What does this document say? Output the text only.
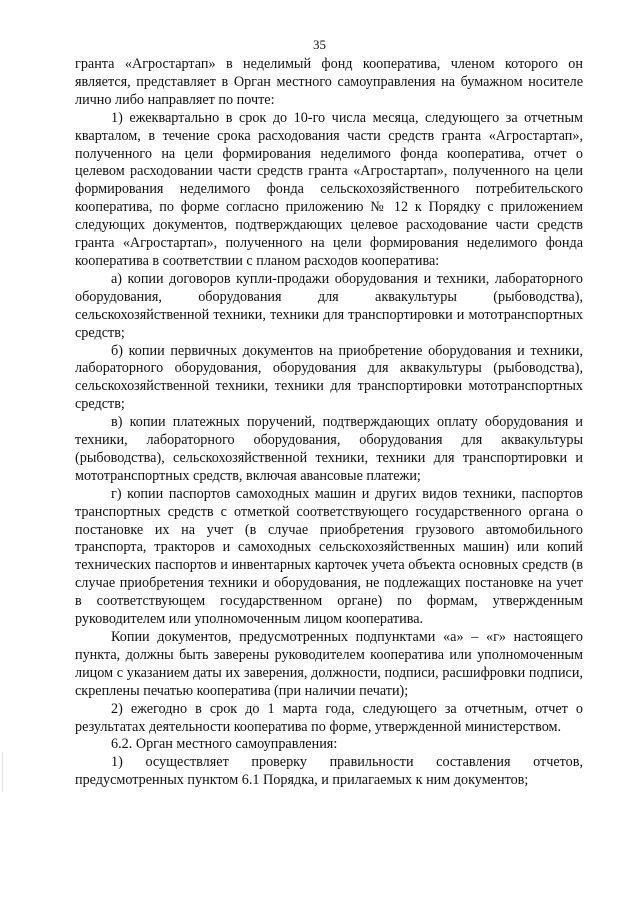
35

гранта «Агростартап» в неделимый фонд кооператива, членом которого он является, представляет в Орган местного самоуправления на бумажном носителе лично либо направляет по почте:

1) ежеквартально в срок до 10-го числа месяца, следующего за отчетным кварталом, в течение срока расходования части средств гранта «Агростартап», полученного на цели формирования неделимого фонда кооператива, отчет о целевом расходовании части средств гранта «Агростартап», полученного на цели формирования неделимого фонда сельскохозяйственного потребительского кооператива, по форме согласно приложению № 12 к Порядку с приложением следующих документов, подтверждающих целевое расходование части средств гранта «Агростартап», полученного на цели формирования неделимого фонда кооператива в соответствии с планом расходов кооператива:

а) копии договоров купли-продажи оборудования и техники, лабораторного оборудования, оборудования для аквакультуры (рыбоводства), сельскохозяйственной техники, техники для транспортировки и мототранспортных средств;

б) копии первичных документов на приобретение оборудования и техники, лабораторного оборудования, оборудования для аквакультуры (рыбоводства), сельскохозяйственной техники, техники для транспортировки мототранспортных средств;

в) копии платежных поручений, подтверждающих оплату оборудования и техники, лабораторного оборудования, оборудования для аквакультуры (рыбоводства), сельскохозяйственной техники, техники для транспортировки и мототранспортных средств, включая авансовые платежи;

г) копии паспортов самоходных машин и других видов техники, паспортов транспортных средств с отметкой соответствующего государственного органа о постановке их на учет (в случае приобретения грузового автомобильного транспорта, тракторов и самоходных сельскохозяйственных машин) или копий технических паспортов и инвентарных карточек учета объекта основных средств (в случае приобретения техники и оборудования, не подлежащих постановке на учет в соответствующем государственном органе) по формам, утвержденным руководителем или уполномоченным лицом кооператива.

Копии документов, предусмотренных подпунктами «а» – «г» настоящего пункта, должны быть заверены руководителем кооператива или уполномоченным лицом с указанием даты их заверения, должности, подписи, расшифровки подписи, скреплены печатью кооператива (при наличии печати);

2) ежегодно в срок до 1 марта года, следующего за отчетным, отчет о результатах деятельности кооператива по форме, утвержденной министерством.

6.2. Орган местного самоуправления:

1) осуществляет проверку правильности составления отчетов, предусмотренных пунктом 6.1 Порядка, и прилагаемых к ним документов;
